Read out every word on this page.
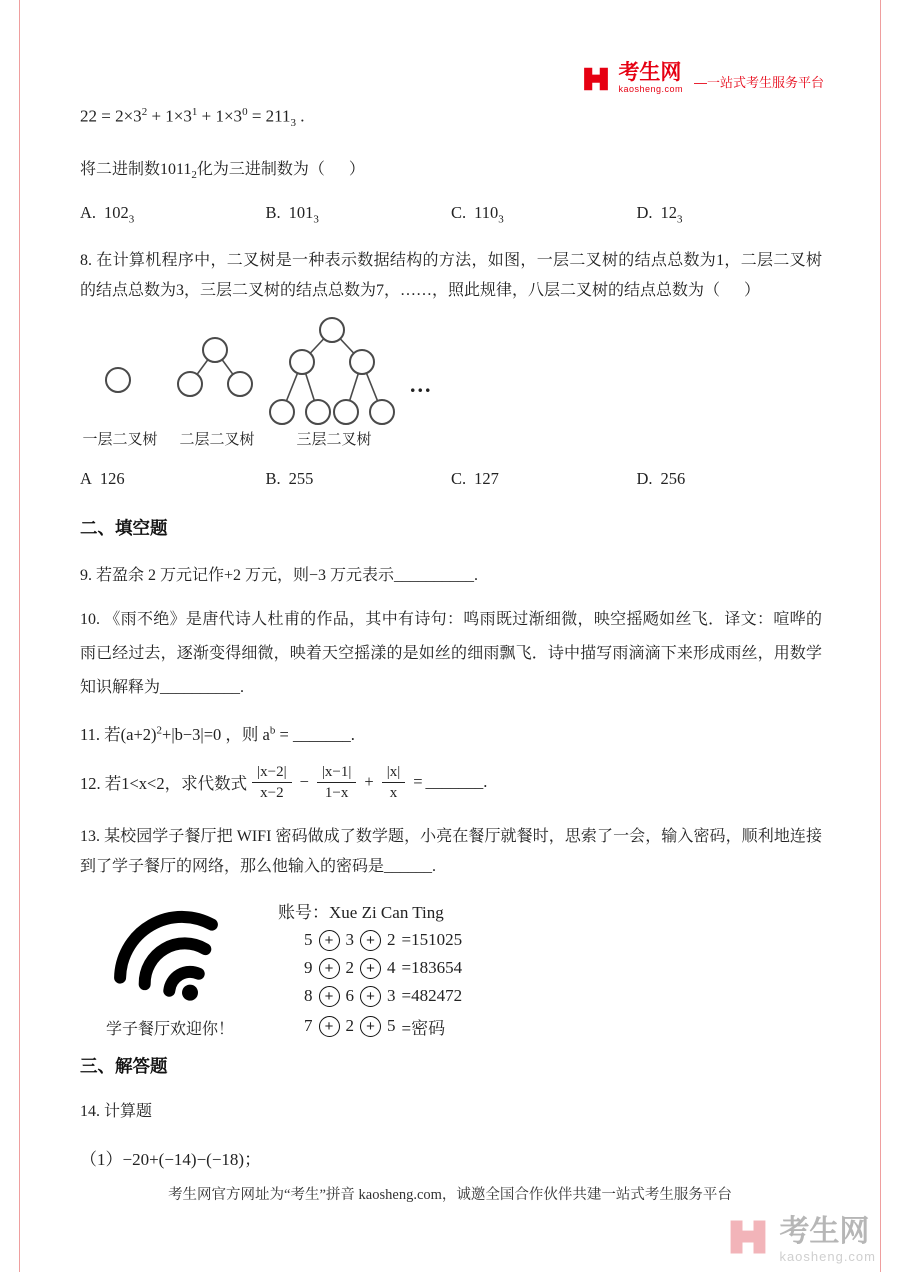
考生网
kaosheng.com —一站式考生服务平台
$22 = 2\times 3^2 + 1\times 3^1 + 1\times 3^0 = 211_3$ .
将二进制数$1011_2$化为三进制数为（      ）
A. $102_3$	B. $101_3$	C. $110_3$	D. $12_3$
8. 在计算机程序中，二叉树是一种表示数据结构的方法，如图，一层二叉树的结点总数为1，二层二叉树的结点总数为3，三层二叉树的结点总数为7，……，照此规律，八层二叉树的结点总数为（      ）
...
一层二叉树 二层二叉树	三层二叉树
A 126	B. 255	C. 127	D. 256
二、填空题
9. 若盈余 2 万元记作+2 万元，则−3 万元表示__________.
10. 《雨不绝》是唐代诗人杜甫的作品，其中有诗句：鸣雨既过渐细微，映空摇飏如丝飞．译文：喧哗的雨已经过去，逐渐变得细微，映着天空摇漾的是如丝的细雨飘飞．诗中描写雨滴滴下来形成雨丝，用数学知识解释为__________.
11. 若$(a+2)^2+|b-3|=0$ ，则 $a^b$ = _______.
12. 若1<x<2，求代数式 $\frac{|x-2|}{x-2} - \frac{|x-1|}{1-x} + \frac{|x|}{x}$ = _______.
13. 某校园学子餐厅把 WIFI 密码做成了数学题，小亮在餐厅就餐时，思索了一会，输入密码，顺利地连接到了学子餐厅的网络，那么他输入的密码是______.
学子餐厅欢迎你！
账号：Xue Zi Can Ting
5 + 3 + 2 =151025
9 + 2 + 4 =183654
8 + 6 + 3 =482472
7 + 2 + 5 =密码
三、解答题
14. 计算题
（1）−20+(−14)−(−18)；
考生网官方网址为“考生”拼音 kaosheng.com，诚邀全国合作伙伴共建一站式考生服务平台
考生网
kaosheng.com
